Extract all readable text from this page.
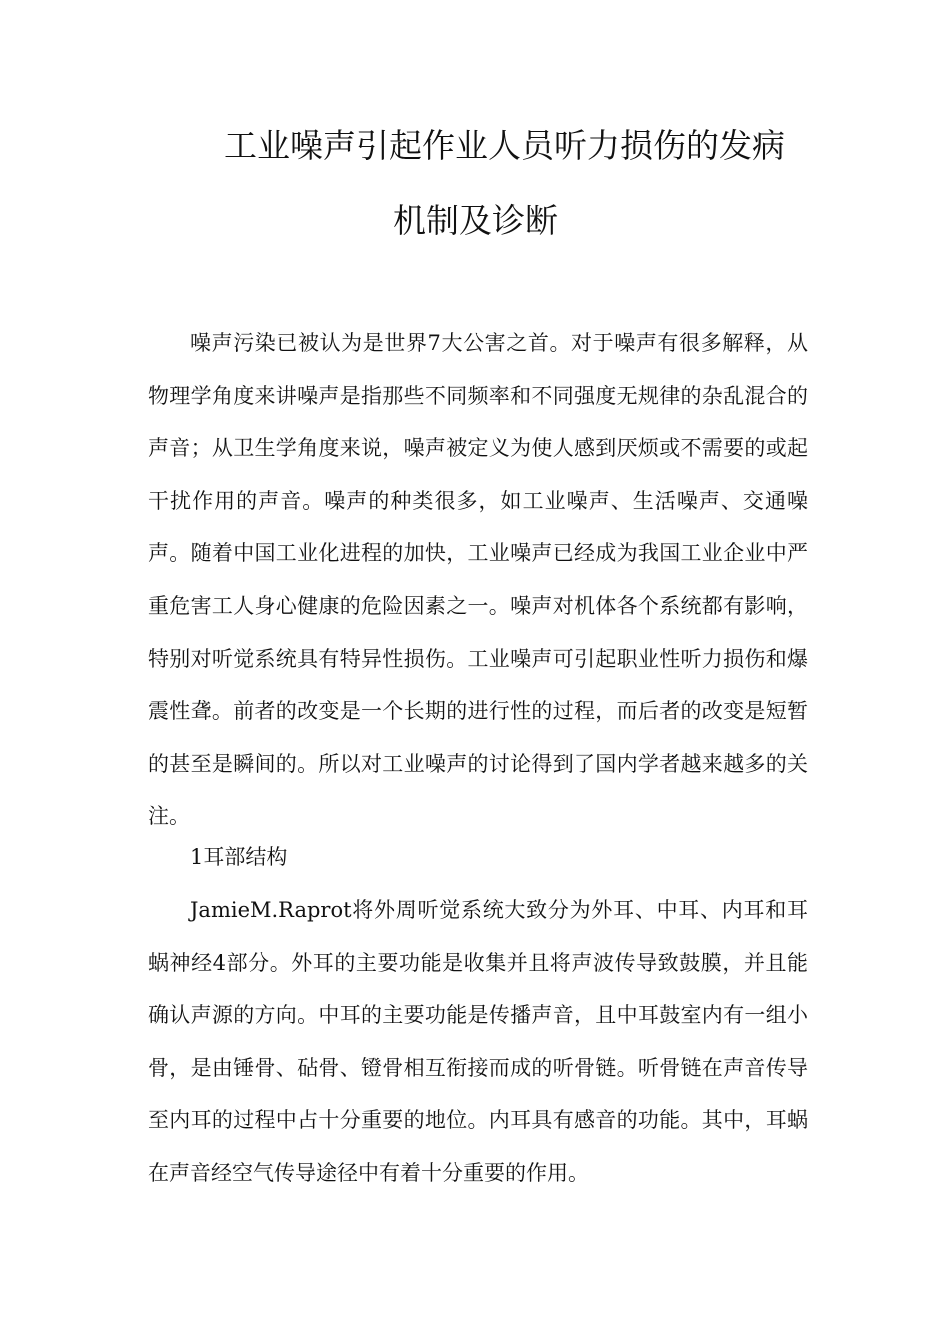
工业噪声引起作业人员听力损伤的发病
机制及诊断

噪声污染已被认为是世界7大公害之首。对于噪声有很多解释，从物理学角度来讲噪声是指那些不同频率和不同强度无规律的杂乱混合的声音；从卫生学角度来说，噪声被定义为使人感到厌烦或不需要的或起干扰作用的声音。噪声的种类很多，如工业噪声、生活噪声、交通噪声。随着中国工业化进程的加快，工业噪声已经成为我国工业企业中严重危害工人身心健康的危险因素之一。噪声对机体各个系统都有影响，特别对听觉系统具有特异性损伤。工业噪声可引起职业性听力损伤和爆震性聋。前者的改变是一个长期的进行性的过程，而后者的改变是短暂的甚至是瞬间的。所以对工业噪声的讨论得到了国内学者越来越多的关注。

1耳部结构

JamieM.Raprot将外周听觉系统大致分为外耳、中耳、内耳和耳蜗神经4部分。外耳的主要功能是收集并且将声波传导致鼓膜，并且能确认声源的方向。中耳的主要功能是传播声音，且中耳鼓室内有一组小骨，是由锤骨、砧骨、镫骨相互衔接而成的听骨链。听骨链在声音传导至内耳的过程中占十分重要的地位。内耳具有感音的功能。其中，耳蜗在声音经空气传导途径中有着十分重要的作用。
